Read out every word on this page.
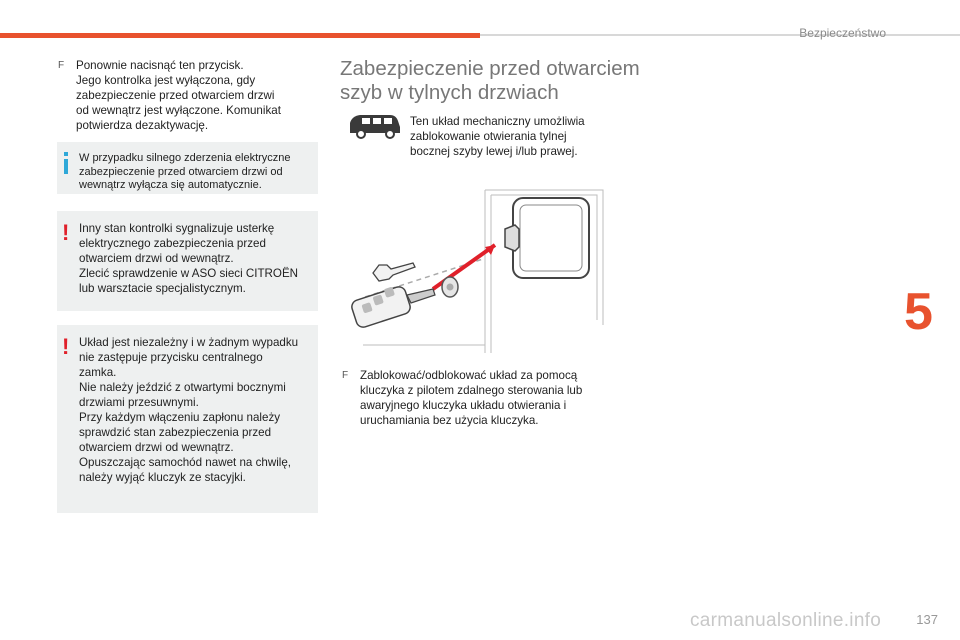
Bezpieczeństwo
5
F	Ponownie nacisnąć ten przycisk.
Jego kontrolka jest wyłączona, gdy
zabezpieczenie przed otwarciem drzwi
od wewnątrz jest wyłączone. Komunikat
potwierdza dezaktywację.
W przypadku silnego zderzenia elektryczne
zabezpieczenie przed otwarciem drzwi od
wewnątrz wyłącza się automatycznie.
! Inny stan kontrolki sygnalizuje usterkę
elektrycznego zabezpieczenia przed
otwarciem drzwi od wewnątrz.
Zlecić sprawdzenie w ASO sieci CITROËN
lub warsztacie specjalistycznym.
! Układ jest niezależny i w żadnym wypadku
nie zastępuje przycisku centralnego
zamka.
Nie należy jeździć z otwartymi bocznymi
drzwiami przesuwnymi.
Przy każdym włączeniu zapłonu należy
sprawdzić stan zabezpieczenia przed
otwarciem drzwi od wewnątrz.
Opuszczając samochód nawet na chwilę,
należy wyjąć kluczyk ze stacyjki.
Zabezpieczenie przed otwarciem
szyb w tylnych drzwiach
Ten układ mechaniczny umożliwia
zablokowanie otwierania tylnej
bocznej szyby lewej i/lub prawej.
F	Zablokować/odblokować układ za pomocą
kluczyka z pilotem zdalnego sterowania lub
awaryjnego kluczyka układu otwierania i
uruchamiania bez użycia kluczyka.
carmanualsonline.info	137
